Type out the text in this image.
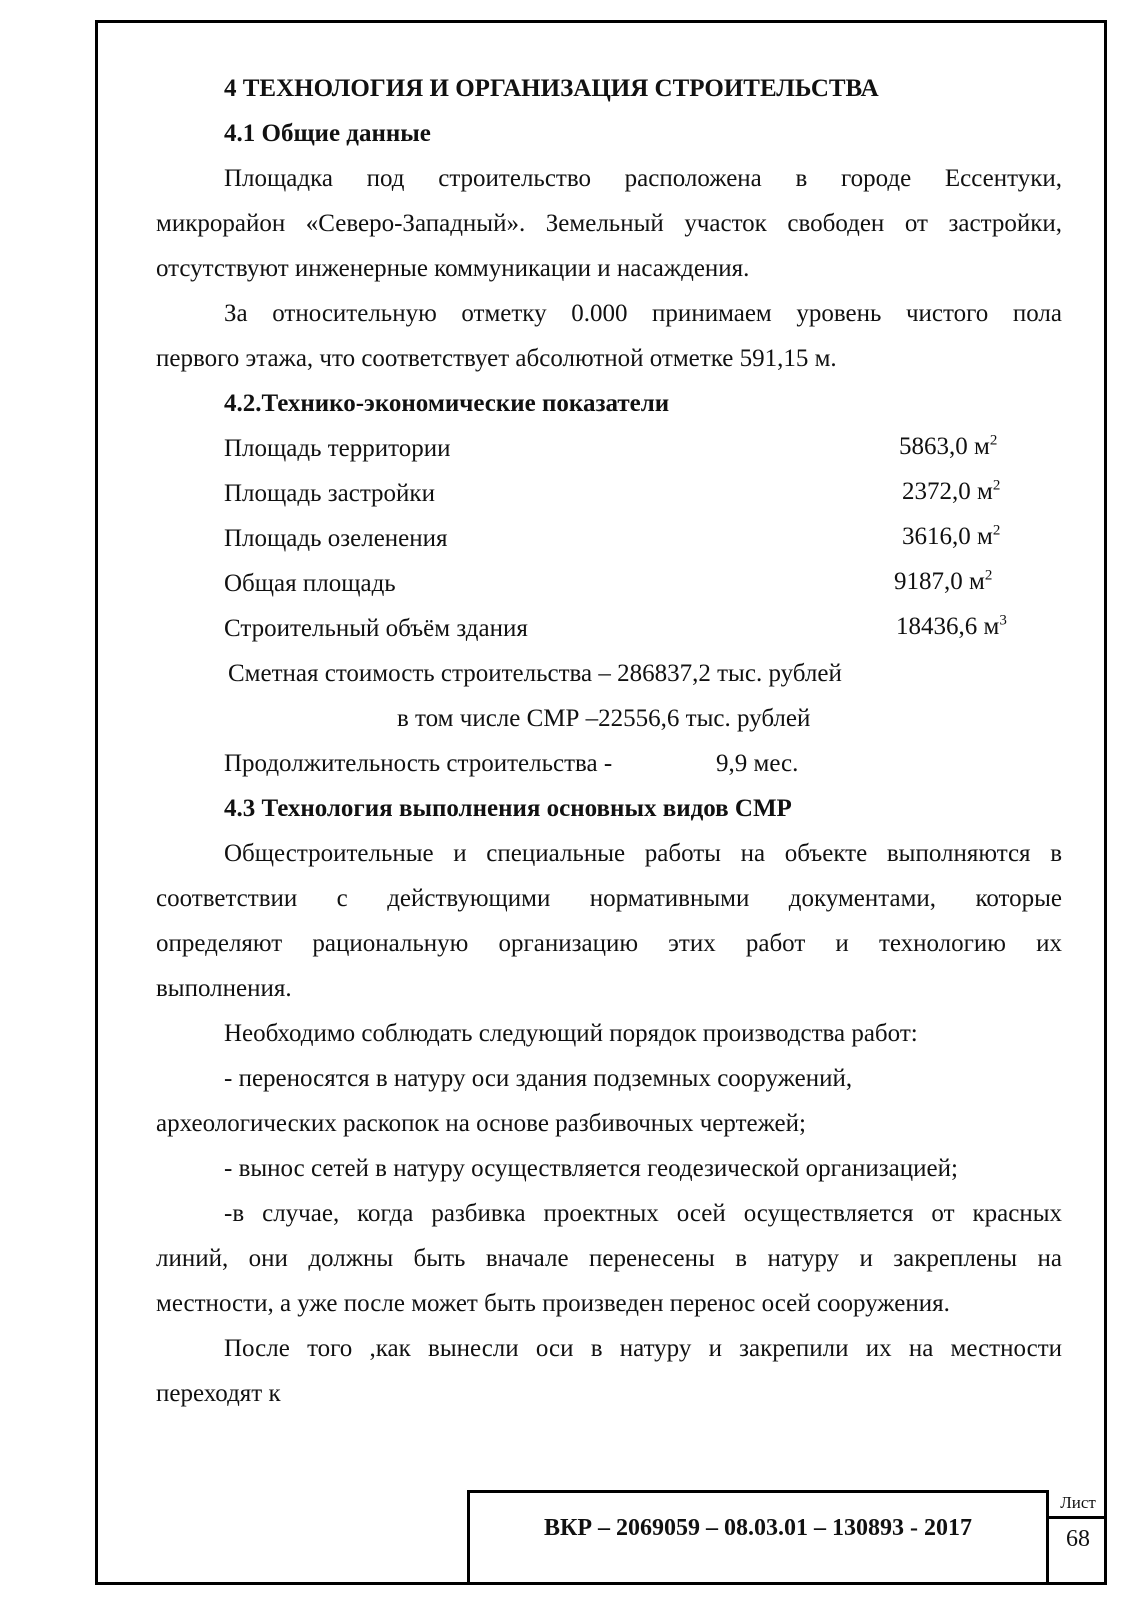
4 ТЕХНОЛОГИЯ И ОРГАНИЗАЦИЯ СТРОИТЕЛЬСТВА
4.1 Общие данные
Площадка под строительство расположена в городе Ессентуки,
микрорайон «Северо-Западный». Земельный участок свободен от застройки,
отсутствуют инженерные коммуникации и насаждения.
За относительную отметку 0.000 принимаем уровень чистого пола
первого этажа, что соответствует абсолютной отметке 591,15 м.
4.2.Технико-экономические показатели
Площадь территории	5863,0 $м^2$
Площадь застройки	2372,0 $м^2$
Площадь озеленения	3616,0 $м^2$
Общая площадь	9187,0 $м^2$
Строительный объём здания	18436,6 $м^3$
Сметная стоимость строительства – 286837,2 тыс. рублей
в том числе СМР –22556,6 тыс. рублей
Продолжительность строительства -	9,9 мес.
4.3 Технология выполнения основных видов СМР
Общестроительные и специальные работы на объекте выполняются в
соответствии с действующими нормативными документами, которые
определяют рациональную организацию этих работ и технологию их
выполнения.
Необходимо соблюдать следующий порядок производства работ:
- переносятся в натуру оси здания подземных сооружений,
археологических раскопок на основе разбивочных чертежей;
- вынос сетей в натуру осуществляется геодезической организацией;
-в случае, когда разбивка проектных осей осуществляется от красных
линий, они должны быть вначале перенесены в натуру и закреплены на
местности, а уже после может быть произведен перенос осей сооружения.
После того ,как вынесли оси в натуру и закрепили их на местности
переходят к
ВКР – 2069059 – 08.03.01 – 130893 - 2017
Лист
68
